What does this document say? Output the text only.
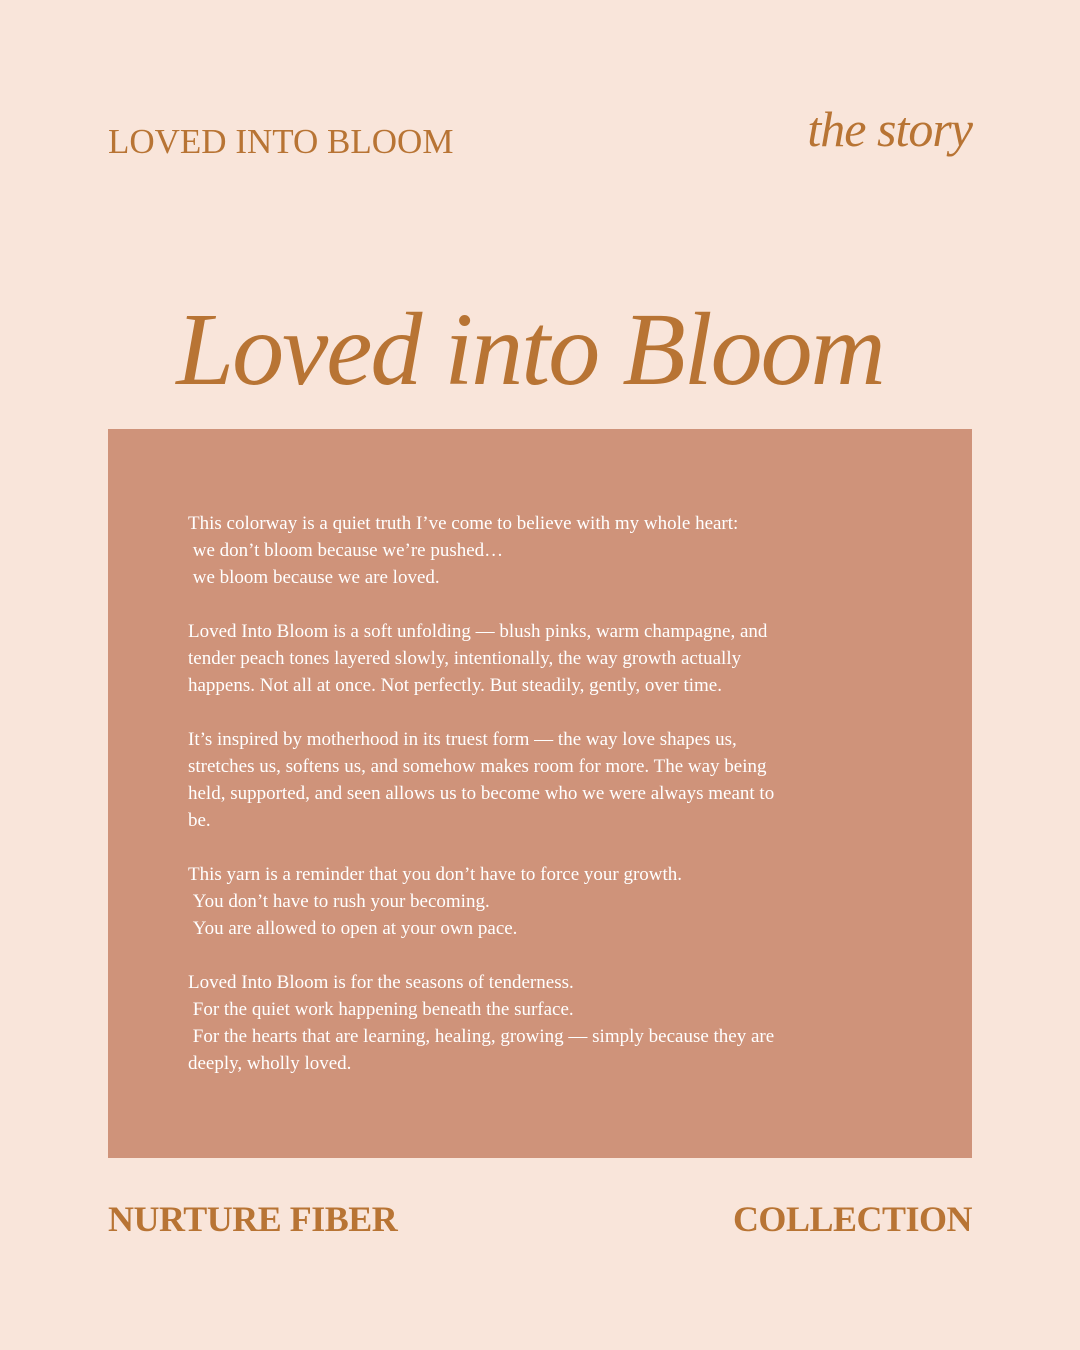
LOVED INTO BLOOM	the story
Loved into Bloom

This colorway is a quiet truth I’ve come to believe with my whole heart:
we don’t bloom because we’re pushed…
we bloom because we are loved.

Loved Into Bloom is a soft unfolding — blush pinks, warm champagne, and
tender peach tones layered slowly, intentionally, the way growth actually
happens. Not all at once. Not perfectly. But steadily, gently, over time.

It’s inspired by motherhood in its truest form — the way love shapes us,
stretches us, softens us, and somehow makes room for more. The way being
held, supported, and seen allows us to become who we were always meant to
be.

This yarn is a reminder that you don’t have to force your growth.
You don’t have to rush your becoming.
You are allowed to open at your own pace.

Loved Into Bloom is for the seasons of tenderness.
For the quiet work happening beneath the surface.
For the hearts that are learning, healing, growing — simply because they are
deeply, wholly loved.

NURTURE FIBER	COLLECTION
